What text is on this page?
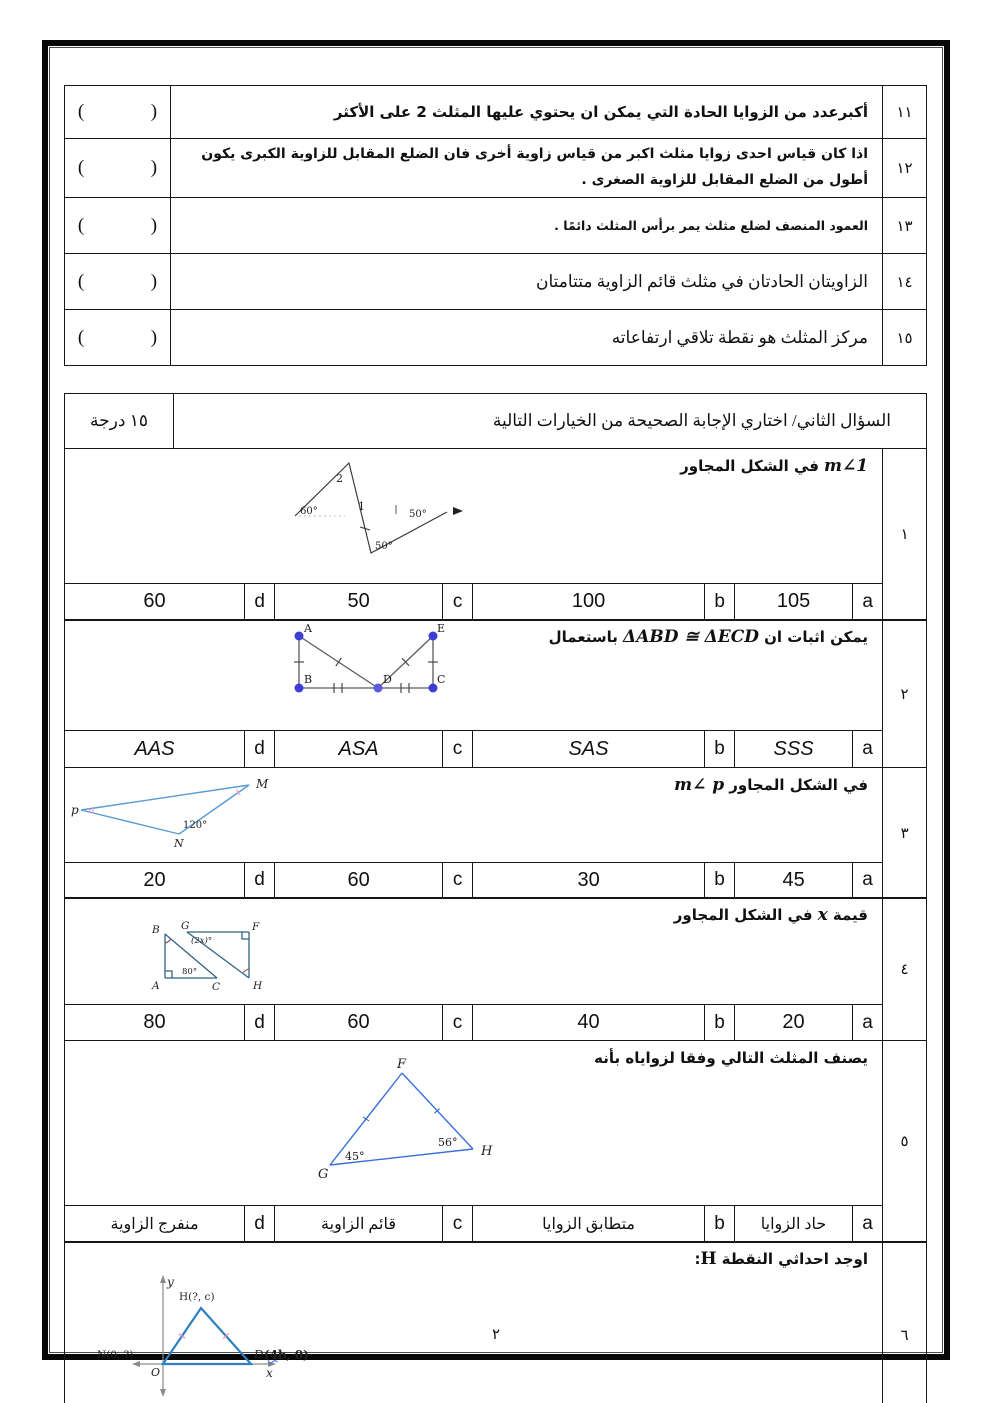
١١	أكبرعدد من الزوايا الحادة التي يمكن ان يحتوي عليها المثلث 2 على الأكثر	(              )
١٢	اذا كان قياس احدى زوايا مثلث اكبر من قياس زاوية أخرى فان الضلع المقابل للزاوية الكبرى يكون أطول من الضلع المقابل للزاوية الصغرى .	(              )
١٣	العمود المنصف لضلع مثلث يمر برأس المثلث دائمًا .	(              )
١٤	الزاويتان الحادتان في مثلث قائم الزاوية متتامتان	(              )
١٥	مركز المثلث هو نقطة تلاقي ارتفاعاته	(              )
السؤال الثاني/ اختاري الإجابة الصحيحة من الخيارات التالية	١٥ درجة
١	m∠1 في الشكل المجاور
2
60°	1
50°
50°

	a	105	b	100	c	50	d	60
٢	يمكن اثبات ان ΔABD ≅ ΔECD باستعمال
A
B	D
E
C

	a	SSS	b	SAS	c	ASA	d	AAS
٣	في الشكل المجاور m∠ p
p
M
N
120°							

	a	45	b	30	c	60	d	20
٤	قيمة x في الشكل المجاور
B G	F
A	C	H
80°
(2x)°

	a	20	b	40	c	60	d	80
٥	يصنف المثلث التالي وفقا لزواياه بأنه
F
G
H
45°
56°

	a	حاد الزوايا	b	متطابق الزوايا	c	قائم الزاوية	d	منفرج الزاوية
٦	اوجد احداثي النقطة H:
y
x
O
N(0, ?)
H(?, c)
D (4b, 0)
٢
